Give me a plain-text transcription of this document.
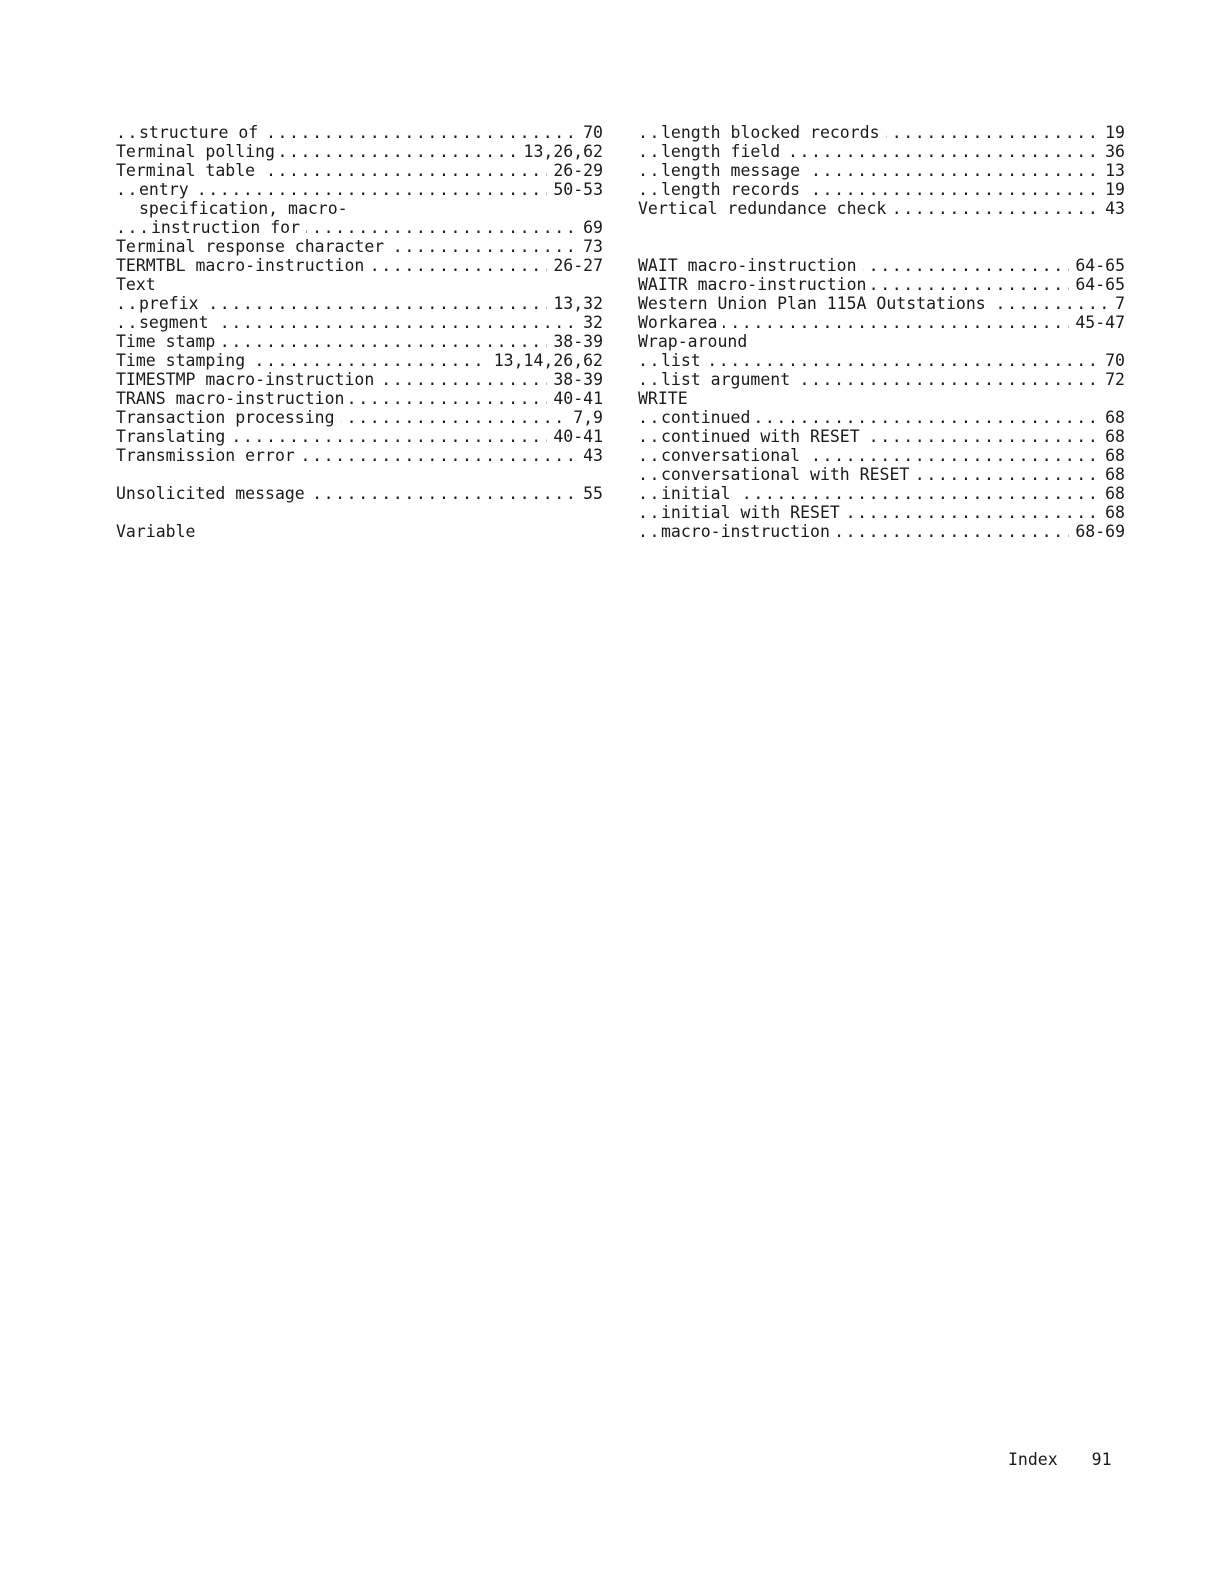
structure of	70
.....
Terminal polling	13,26,62
.....
Terminal table	26-29
.....
entry	50-53
.....
specification, macro-
instruction for	69
.....
Terminal response character	73
.....
TERMTBL macro-instruction	26-27
.....
Text
prefix	13,32
.....
segment	32
.....
Time stamp	38-39
.....
Time stamping	13,14,26,62
.....
TIMESTMP macro-instruction	38-39
.....
TRANS macro-instruction	40-41
.....
Transaction processing	7,9
.....
Translating	40-41
.....
Transmission error	43
.....
Unsolicited message	55
.....
Variable
length blocked records	19
.....
length field	36
.....
length message	13
.....
length records	19
.....
Vertical redundance check	43
.....
WAIT macro-instruction	64-65
.....
WAITR macro-instruction	64-65
.....
Western Union Plan 115A Outstations	7
.....
Workarea	45-47
.....
Wrap-around
list	70
.....
list argument	72
.....
WRITE
continued	68
.....
continued with RESET	68
.....
conversational	68
.....
conversational with RESET	68
.....
initial	68
.....
initial with RESET	68
.....
macro-instruction	68-69
.....
Index 91
